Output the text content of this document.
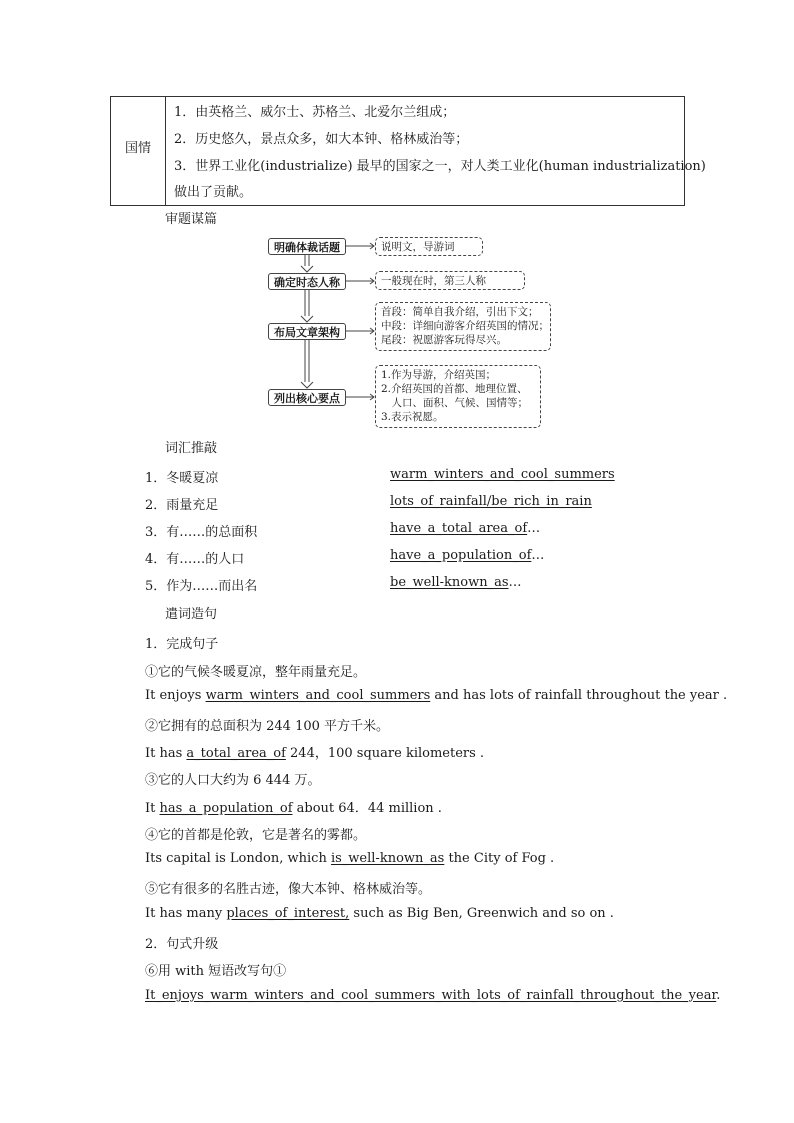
国情
1．由英格兰、威尔士、苏格兰、北爱尔兰组成；
2．历史悠久，景点众多，如大本钟、格林威治等；
3．世界工业化(industrialize) 最早的国家之一，对人类工业化(human industrialization)
做出了贡献。
审题谋篇
明确体裁话题
确定时态人称
布局文章架构
列出核心要点
说明文，导游词
一般现在时，第三人称
首段：简单自我介绍，引出下文；
中段：详细向游客介绍英国的情况；
尾段：祝愿游客玩得尽兴。
1.作为导游，介绍英国；
2.介绍英国的首都、地理位置、
　人口、面积、气候、国情等；
3.表示祝愿。
词汇推敲
1．冬暖夏凉	warm_winters_and_cool_summers
2．雨量充足	lots_of_rainfall/be_rich_in_rain
3．有……的总面积	have_a_total_area_of…
4．有……的人口	have_a_population_of…
5．作为……而出名	be_well-known_as…
遣词造句
1．完成句子
①它的气候冬暖夏凉，整年雨量充足。
It enjoys warm_winters_and_cool_summers and has lots of rainfall throughout the year .
②它拥有的总面积为 244 100 平方千米。
It has a_total_area_of 244，100 square kilometers .
③它的人口大约为 6 444 万。
It has_a_population_of about 64．44 million .
④它的首都是伦敦，它是著名的雾都。
Its capital is London, which is_well-known_as the City of Fog .
⑤它有很多的名胜古迹，像大本钟、格林威治等。
It has many places_of_interest, such as Big Ben, Greenwich and so on .
2．句式升级
⑥用 with 短语改写句①
It_enjoys_warm_winters_and_cool_summers_with_lots_of_rainfall_throughout_the_year.
